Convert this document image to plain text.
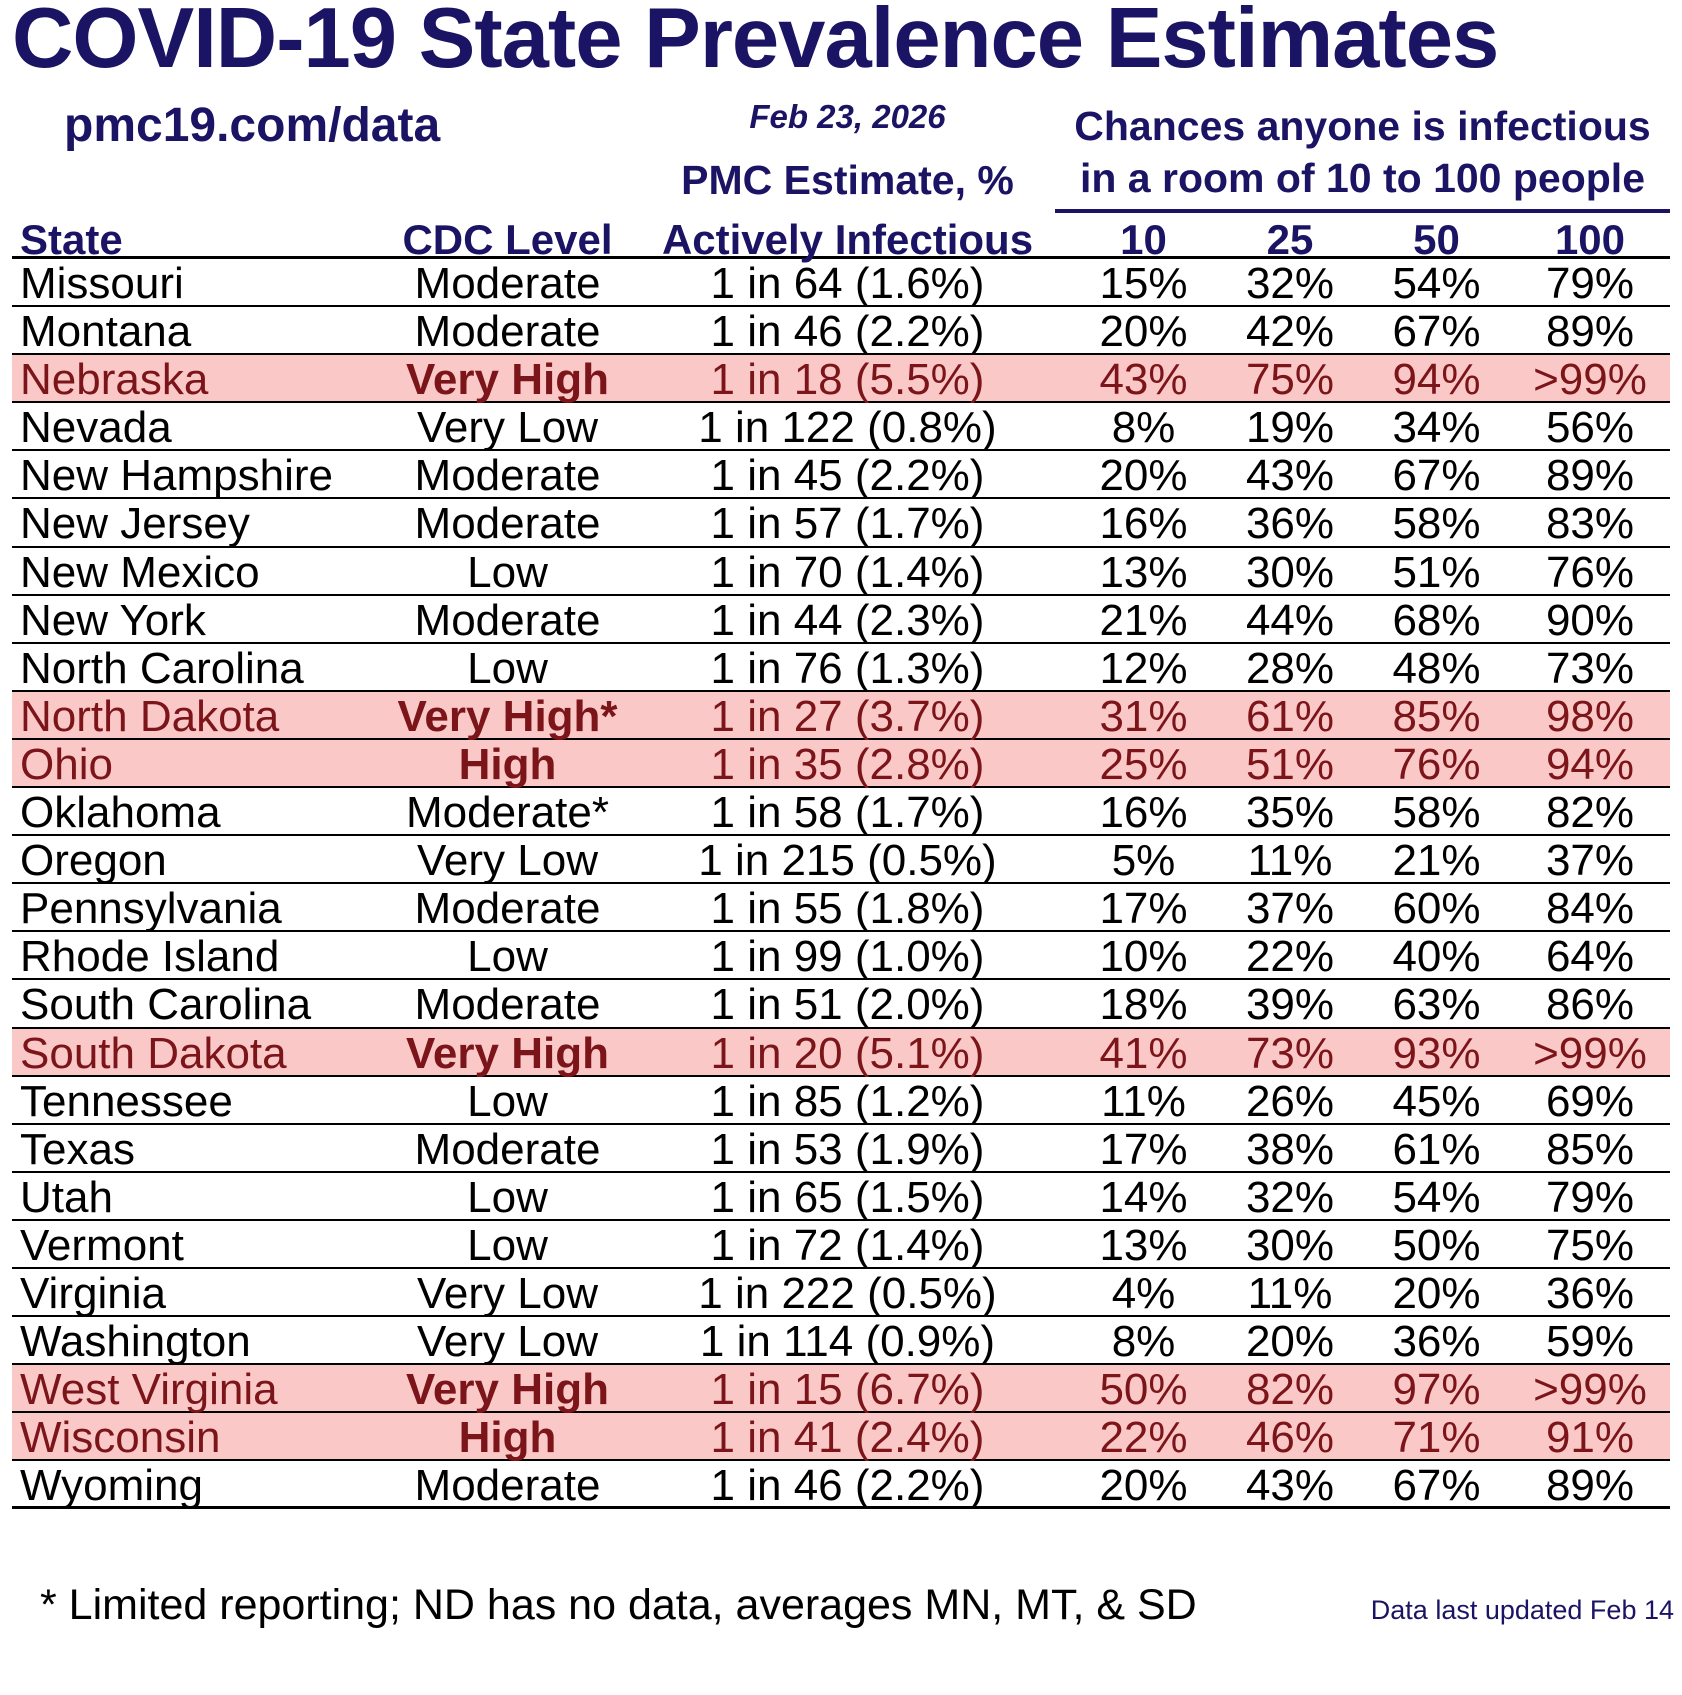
COVID-19 State Prevalence Estimates
pmc19.com/data	Feb 23, 2026
PMC Estimate, %
Chances anyone is infectious
in a room of 10 to 100 people
State	CDC Level	Actively Infectious	10	25	50	100
Missouri	Moderate	1 in 64 (1.6%)	15%	32%	54%	79%
Montana	Moderate	1 in 46 (2.2%)	20%	42%	67%	89%
Nebraska	Very High	1 in 18 (5.5%)	43%	75%	94%	>99%
Nevada	Very Low	1 in 122 (0.8%)	8%	19%	34%	56%
New Hampshire	Moderate	1 in 45 (2.2%)	20%	43%	67%	89%
New Jersey	Moderate	1 in 57 (1.7%)	16%	36%	58%	83%
New Mexico	Low	1 in 70 (1.4%)	13%	30%	51%	76%
New York	Moderate	1 in 44 (2.3%)	21%	44%	68%	90%
North Carolina	Low	1 in 76 (1.3%)	12%	28%	48%	73%
North Dakota	Very High*	1 in 27 (3.7%)	31%	61%	85%	98%
Ohio	High	1 in 35 (2.8%)	25%	51%	76%	94%
Oklahoma	Moderate*	1 in 58 (1.7%)	16%	35%	58%	82%
Oregon	Very Low	1 in 215 (0.5%)	5%	11%	21%	37%
Pennsylvania	Moderate	1 in 55 (1.8%)	17%	37%	60%	84%
Rhode Island	Low	1 in 99 (1.0%)	10%	22%	40%	64%
South Carolina	Moderate	1 in 51 (2.0%)	18%	39%	63%	86%
South Dakota	Very High	1 in 20 (5.1%)	41%	73%	93%	>99%
Tennessee	Low	1 in 85 (1.2%)	11%	26%	45%	69%
Texas	Moderate	1 in 53 (1.9%)	17%	38%	61%	85%
Utah	Low	1 in 65 (1.5%)	14%	32%	54%	79%
Vermont	Low	1 in 72 (1.4%)	13%	30%	50%	75%
Virginia	Very Low	1 in 222 (0.5%)	4%	11%	20%	36%
Washington	Very Low	1 in 114 (0.9%)	8%	20%	36%	59%
West Virginia	Very High	1 in 15 (6.7%)	50%	82%	97%	>99%
Wisconsin	High	1 in 41 (2.4%)	22%	46%	71%	91%
Wyoming	Moderate	1 in 46 (2.2%)	20%	43%	67%	89%
* Limited reporting; ND has no data, averages MN, MT, & SD	Data last updated Feb 14
